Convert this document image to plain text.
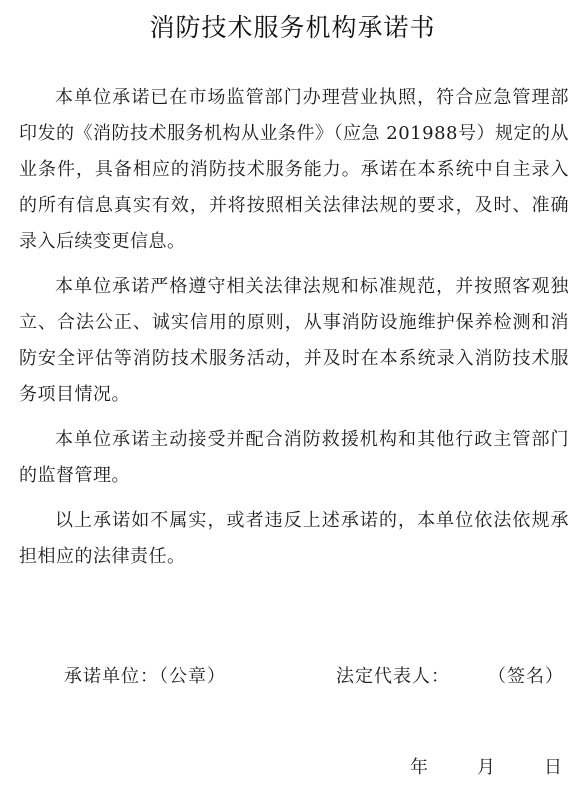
消防技术服务机构承诺书

本单位承诺已在市场监管部门办理营业执照，符合应急管理部印发的《消防技术服务机构从业条件》（应急 201988号）规定的从业条件，具备相应的消防技术服务能力。承诺在本系统中自主录入的所有信息真实有效，并将按照相关法律法规的要求，及时、准确录入后续变更信息。

本单位承诺严格遵守相关法律法规和标准规范，并按照客观独立、合法公正、诚实信用的原则，从事消防设施维护保养检测和消防安全评估等消防技术服务活动，并及时在本系统录入消防技术服务项目情况。

本单位承诺主动接受并配合消防救援机构和其他行政主管部门的监督管理。

以上承诺如不属实，或者违反上述承诺的，本单位依法依规承担相应的法律责任。

承诺单位：（公章）	法定代表人： （签名）
年	月	日
